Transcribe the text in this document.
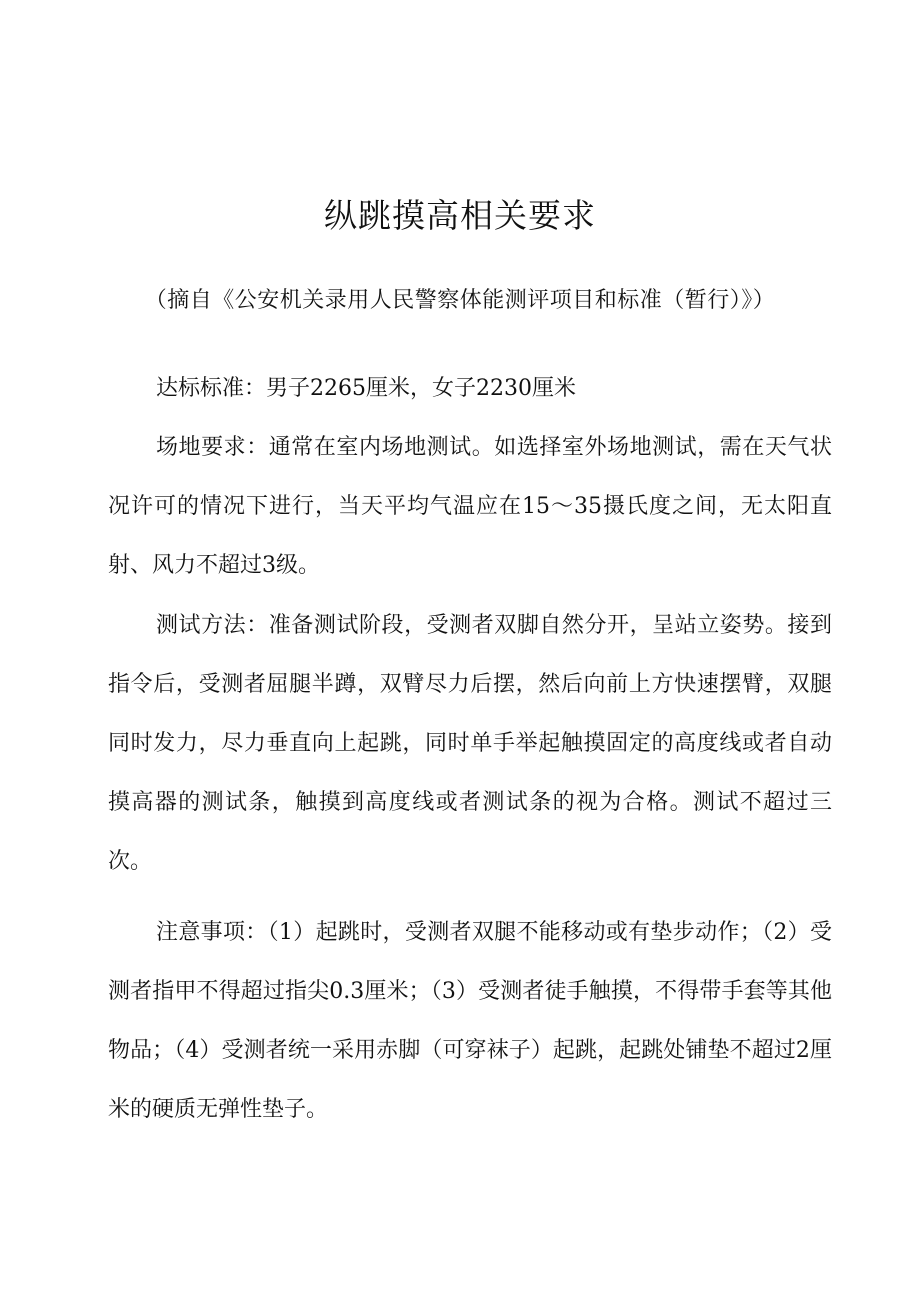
纵跳摸高相关要求

（摘自《公安机关录用人民警察体能测评项目和标准（暂行）》）

达标标准：男子2265厘米，女子2230厘米

场地要求：通常在室内场地测试。如选择室外场地测试，需在天气状况许可的情况下进行，当天平均气温应在15～35摄氏度之间，无太阳直射、风力不超过3级。

测试方法：准备测试阶段，受测者双脚自然分开，呈站立姿势。接到指令后，受测者屈腿半蹲，双臂尽力后摆，然后向前上方快速摆臂，双腿同时发力，尽力垂直向上起跳，同时单手举起触摸固定的高度线或者自动摸高器的测试条，触摸到高度线或者测试条的视为合格。测试不超过三次。

注意事项：（1）起跳时，受测者双腿不能移动或有垫步动作；（2）受测者指甲不得超过指尖0.3厘米；（3）受测者徒手触摸，不得带手套等其他物品；（4）受测者统一采用赤脚（可穿袜子）起跳，起跳处铺垫不超过2厘米的硬质无弹性垫子。
